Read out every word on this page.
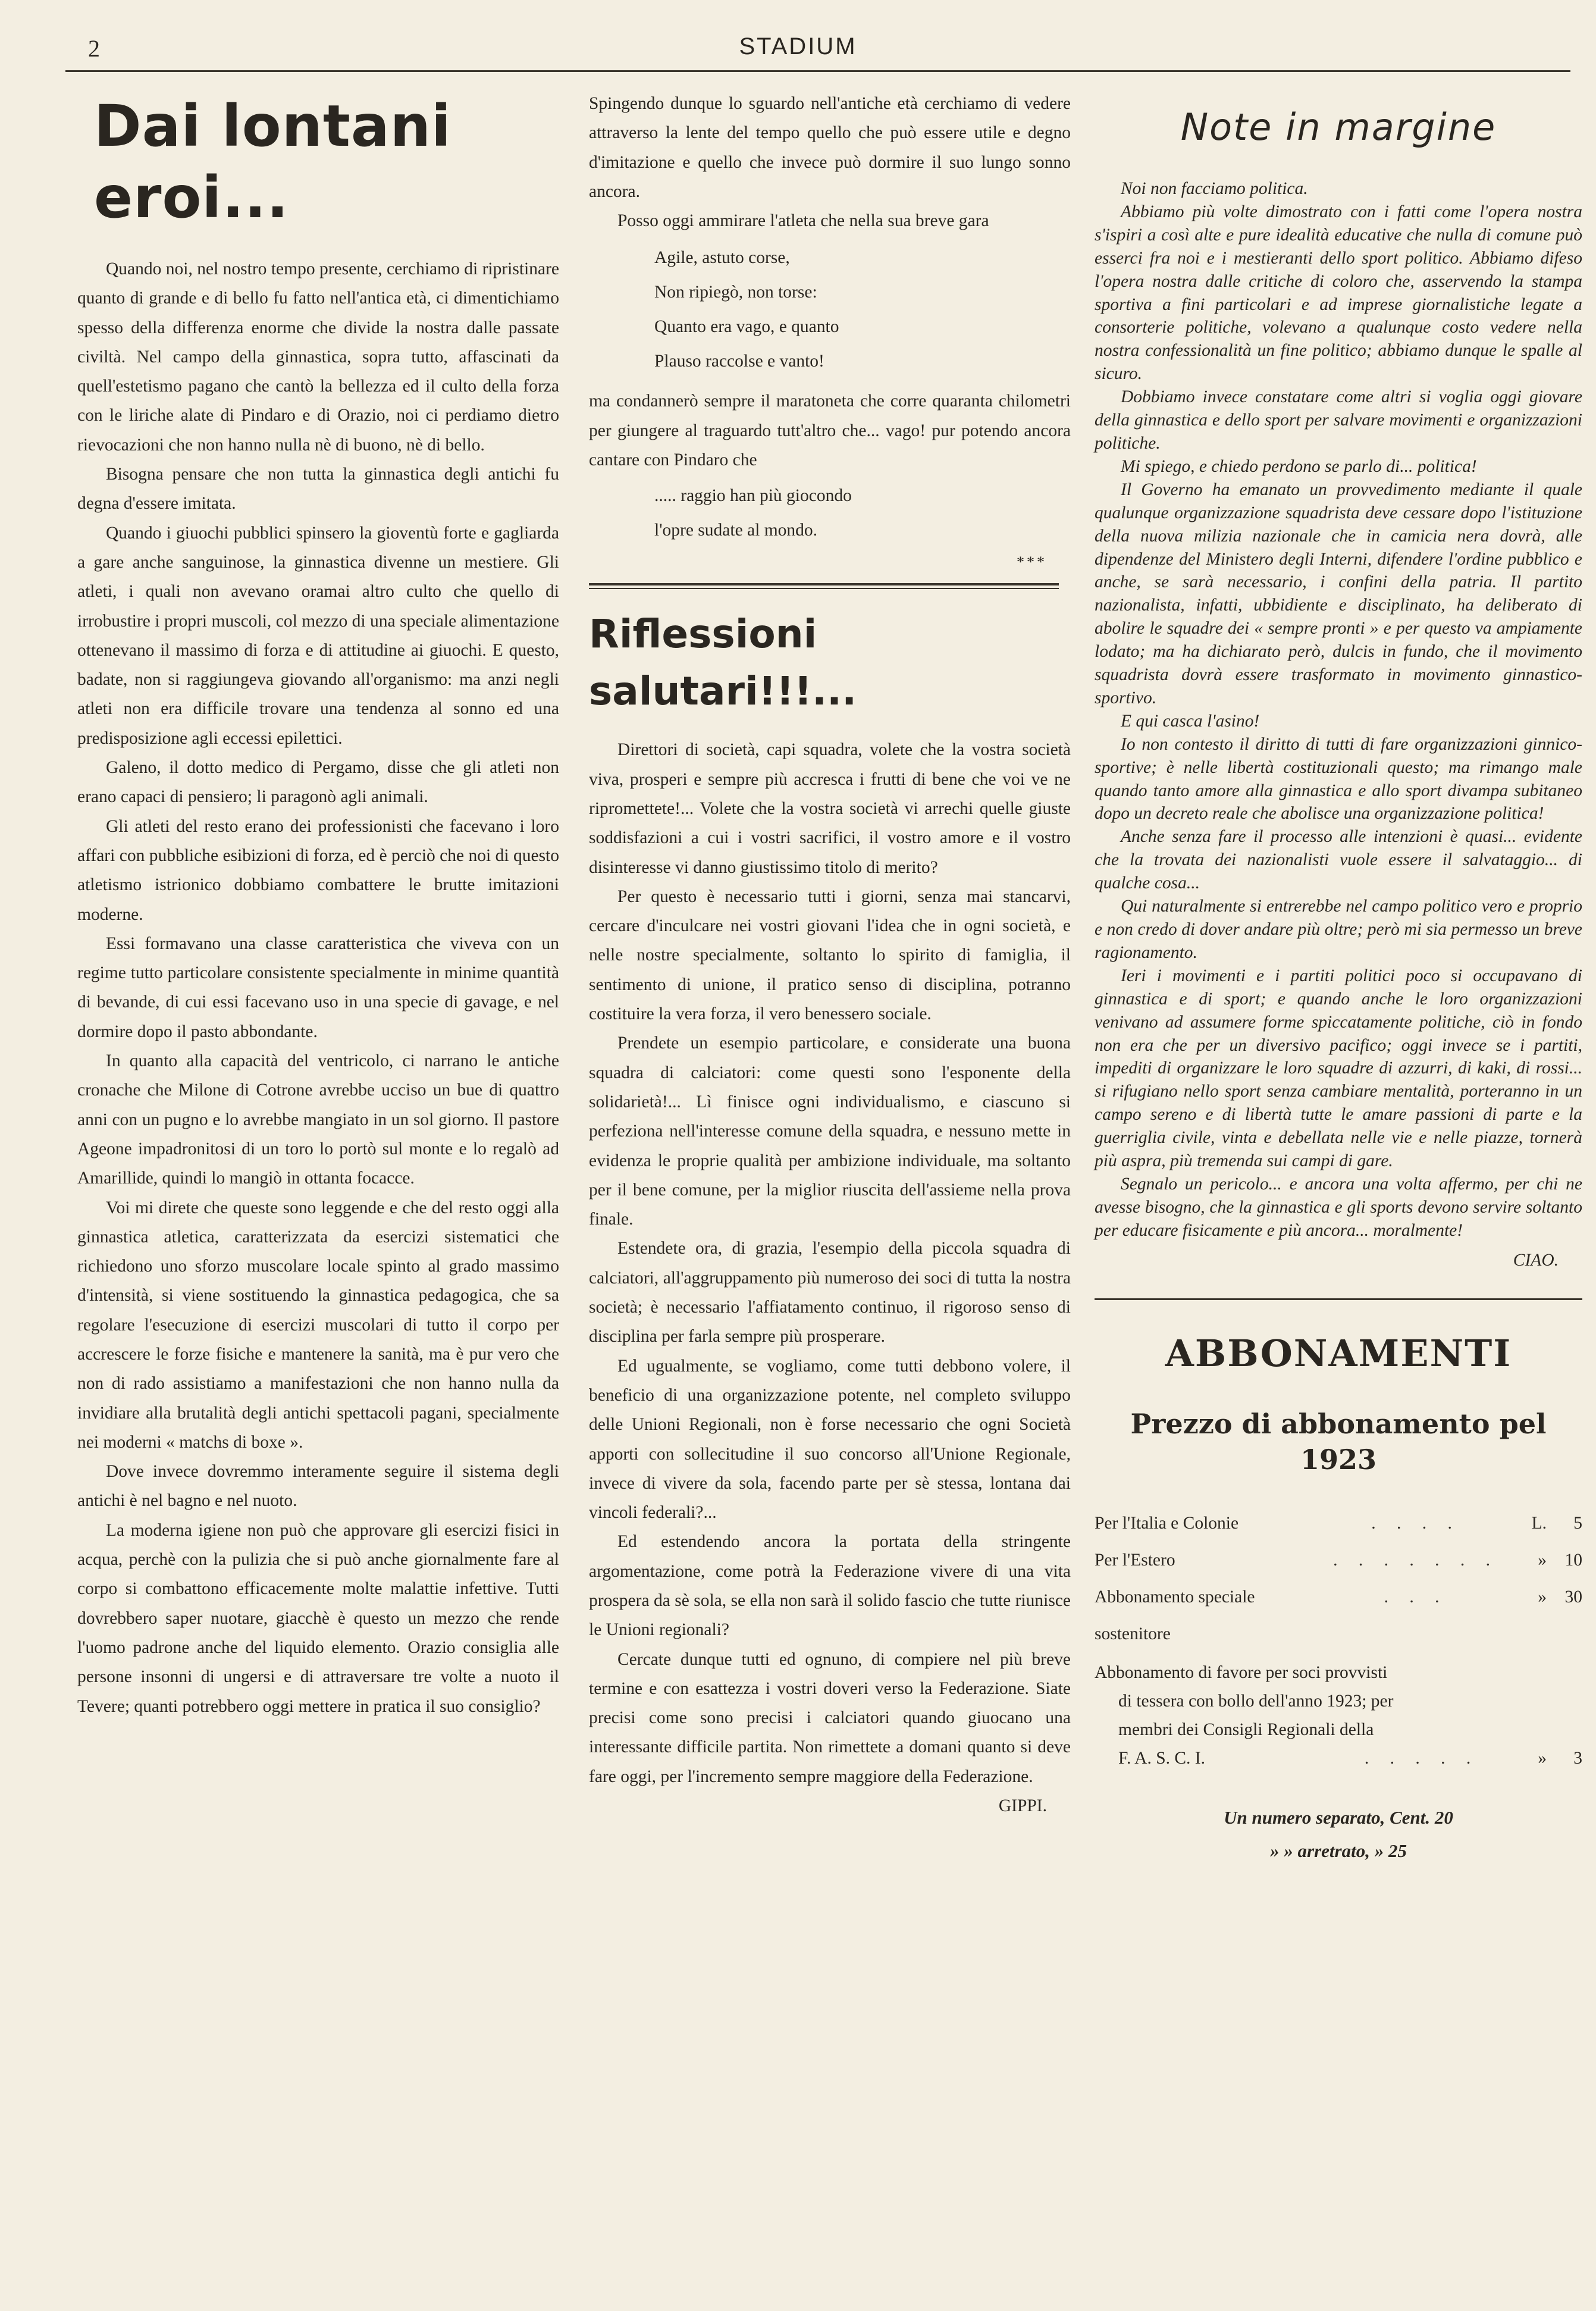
2	STADIUM
Dai lontani eroi...

Quando noi, nel nostro tempo presente, cerchiamo di ripristinare quanto di grande e di bello fu fatto nell'antica età, ci dimentichiamo spesso della differenza enorme che divide la nostra dalle passate civiltà. Nel campo della ginnastica, sopra tutto, affascinati da quell'estetismo pagano che cantò la bellezza ed il culto della forza con le liriche alate di Pindaro e di Orazio, noi ci perdiamo dietro rievocazioni che non hanno nulla nè di buono, nè di bello.

Bisogna pensare che non tutta la ginnastica degli antichi fu degna d'essere imitata.

Quando i giuochi pubblici spinsero la gioventù forte e gagliarda a gare anche sanguinose, la ginnastica divenne un mestiere. Gli atleti, i quali non avevano oramai altro culto che quello di irrobustire i propri muscoli, col mezzo di una speciale alimentazione ottenevano il massimo di forza e di attitudine ai giuochi. E questo, badate, non si raggiungeva giovando all'organismo: ma anzi negli atleti non era difficile trovare una tendenza al sonno ed una predisposizione agli eccessi epilettici.

Galeno, il dotto medico di Pergamo, disse che gli atleti non erano capaci di pensiero; li paragonò agli animali.

Gli atleti del resto erano dei professionisti che facevano i loro affari con pubbliche esibizioni di forza, ed è perciò che noi di questo atletismo istrionico dobbiamo combattere le brutte imitazioni moderne.

Essi formavano una classe caratteristica che viveva con un regime tutto particolare consistente specialmente in minime quantità di bevande, di cui essi facevano uso in una specie di gavage, e nel dormire dopo il pasto abbondante.

In quanto alla capacità del ventricolo, ci narrano le antiche cronache che Milone di Cotrone avrebbe ucciso un bue di quattro anni con un pugno e lo avrebbe mangiato in un sol giorno. Il pastore Ageone impadronitosi di un toro lo portò sul monte e lo regalò ad Amarillide, quindi lo mangiò in ottanta focacce.

Voi mi direte che queste sono leggende e che del resto oggi alla ginnastica atletica, caratterizzata da esercizi sistematici che richiedono uno sforzo muscolare locale spinto al grado massimo d'intensità, si viene sostituendo la ginnastica pedagogica, che sa regolare l'esecuzione di esercizi muscolari di tutto il corpo per accrescere le forze fisiche e mantenere la sanità, ma è pur vero che non di rado assistiamo a manifestazioni che non hanno nulla da invidiare alla brutalità degli antichi spettacoli pagani, specialmente nei moderni « matchs di boxe ».

Dove invece dovremmo interamente seguire il sistema degli antichi è nel bagno e nel nuoto.

La moderna igiene non può che approvare gli esercizi fisici in acqua, perchè con la pulizia che si può anche giornalmente fare al corpo si combattono efficacemente molte malattie infettive. Tutti dovrebbero saper nuotare, giacchè è questo un mezzo che rende l'uomo padrone anche del liquido elemento. Orazio consiglia alle persone insonni di ungersi e di attraversare tre volte a nuoto il Tevere; quanti potrebbero oggi mettere in pratica il suo consiglio?

Spingendo dunque lo sguardo nell'antiche età cerchiamo di vedere attraverso la lente del tempo quello che può essere utile e degno d'imitazione e quello che invece può dormire il suo lungo sonno ancora.

Posso oggi ammirare l'atleta che nella sua breve gara

Agile, astuto corse,
Non ripiegò, non torse:
Quanto era vago, e quanto
Plauso raccolse e vanto!

ma condannerò sempre il maratoneta che corre quaranta chilometri per giungere al traguardo tutt'altro che... vago! pur potendo ancora cantare con Pindaro che

..... raggio han più giocondo
l'opre sudate al mondo.
***
Riflessioni salutari!!!...

Direttori di società, capi squadra, volete che la vostra società viva, prosperi e sempre più accresca i frutti di bene che voi ve ne ripromettete!... Volete che la vostra società vi arrechi quelle giuste soddisfazioni a cui i vostri sacrifici, il vostro amore e il vostro disinteresse vi danno giustissimo titolo di merito?

Per questo è necessario tutti i giorni, senza mai stancarvi, cercare d'inculcare nei vostri giovani l'idea che in ogni società, e nelle nostre specialmente, soltanto lo spirito di famiglia, il sentimento di unione, il pratico senso di disciplina, potranno costituire la vera forza, il vero benessero sociale.

Prendete un esempio particolare, e considerate una buona squadra di calciatori: come questi sono l'esponente della solidarietà!... Lì finisce ogni individualismo, e ciascuno si perfeziona nell'interesse comune della squadra, e nessuno mette in evidenza le proprie qualità per ambizione individuale, ma soltanto per il bene comune, per la miglior riuscita dell'assieme nella prova finale.

Estendete ora, di grazia, l'esempio della piccola squadra di calciatori, all'aggruppamento più numeroso dei soci di tutta la nostra società; è necessario l'affiatamento continuo, il rigoroso senso di disciplina per farla sempre più prosperare.

Ed ugualmente, se vogliamo, come tutti debbono volere, il beneficio di una organizzazione potente, nel completo sviluppo delle Unioni Regionali, non è forse necessario che ogni Società apporti con sollecitudine il suo concorso all'Unione Regionale, invece di vivere da sola, facendo parte per sè stessa, lontana dai vincoli federali?...

Ed estendendo ancora la portata della stringente argomentazione, come potrà la Federazione vivere di una vita prospera da sè sola, se ella non sarà il solido fascio che tutte riunisce le Unioni regionali?

Cercate dunque tutti ed ognuno, di compiere nel più breve termine e con esattezza i vostri doveri verso la Federazione. Siate precisi come sono precisi i calciatori quando giuocano una interessante difficile partita. Non rimettete a domani quanto si deve fare oggi, per l'incremento sempre maggiore della Federazione.

GIPPI.
Note in margine

Noi non facciamo politica.

Abbiamo più volte dimostrato con i fatti come l'opera nostra s'ispiri a così alte e pure idealità educative che nulla di comune può esserci fra noi e i mestieranti dello sport politico. Abbiamo difeso l'opera nostra dalle critiche di coloro che, asservendo la stampa sportiva a fini particolari e ad imprese giornalistiche legate a consorterie politiche, volevano a qualunque costo vedere nella nostra confessionalità un fine politico; abbiamo dunque le spalle al sicuro.

Dobbiamo invece constatare come altri si voglia oggi giovare della ginnastica e dello sport per salvare movimenti e organizzazioni politiche.

Mi spiego, e chiedo perdono se parlo di... politica!

Il Governo ha emanato un provvedimento mediante il quale qualunque organizzazione squadrista deve cessare dopo l'istituzione della nuova milizia nazionale che in camicia nera dovrà, alle dipendenze del Ministero degli Interni, difendere l'ordine pubblico e anche, se sarà necessario, i confini della patria. Il partito nazionalista, infatti, ubbidiente e disciplinato, ha deliberato di abolire le squadre dei « sempre pronti » e per questo va ampiamente lodato; ma ha dichiarato però, dulcis in fundo, che il movimento squadrista dovrà essere trasformato in movimento ginnastico-sportivo.

E qui casca l'asino!

Io non contesto il diritto di tutti di fare organizzazioni ginnico-sportive; è nelle libertà costituzionali questo; ma rimango male quando tanto amore alla ginnastica e allo sport divampa subitaneo dopo un decreto reale che abolisce una organizzazione politica!

Anche senza fare il processo alle intenzioni è quasi... evidente che la trovata dei nazionalisti vuole essere il salvataggio... di qualche cosa...

Qui naturalmente si entrerebbe nel campo politico vero e proprio e non credo di dover andare più oltre; però mi sia permesso un breve ragionamento.

Ieri i movimenti e i partiti politici poco si occupavano di ginnastica e di sport; e quando anche le loro organizzazioni venivano ad assumere forme spiccatamente politiche, ciò in fondo non era che per un diversivo pacifico; oggi invece se i partiti, impediti di organizzare le loro squadre di azzurri, di kaki, di rossi... si rifugiano nello sport senza cambiare mentalità, porteranno in un campo sereno e di libertà tutte le amare passioni di parte e la guerriglia civile, vinta e debellata nelle vie e nelle piazze, tornerà più aspra, più tremenda sui campi di gare.

Segnalo un pericolo... e ancora una volta affermo, per chi ne avesse bisogno, che la ginnastica e gli sports devono servire soltanto per educare fisicamente e più ancora... moralmente!

CIAO.
ABBONAMENTI
Prezzo di abbonamento pel 1923
Per l'Italia e Colonie	. . . .	L.	5
Per l'Estero	. . . . . . .	»	10
Abbonamento speciale sostenitore
. . .	»	30
Abbonamento di favore per soci provvisti
di tessera con bollo dell'anno 1923; per
membri dei Consigli Regionali della
F. A. S. C. I.	. . . . .	»	3
Un numero separato, Cent. 20
» » arretrato, » 25
